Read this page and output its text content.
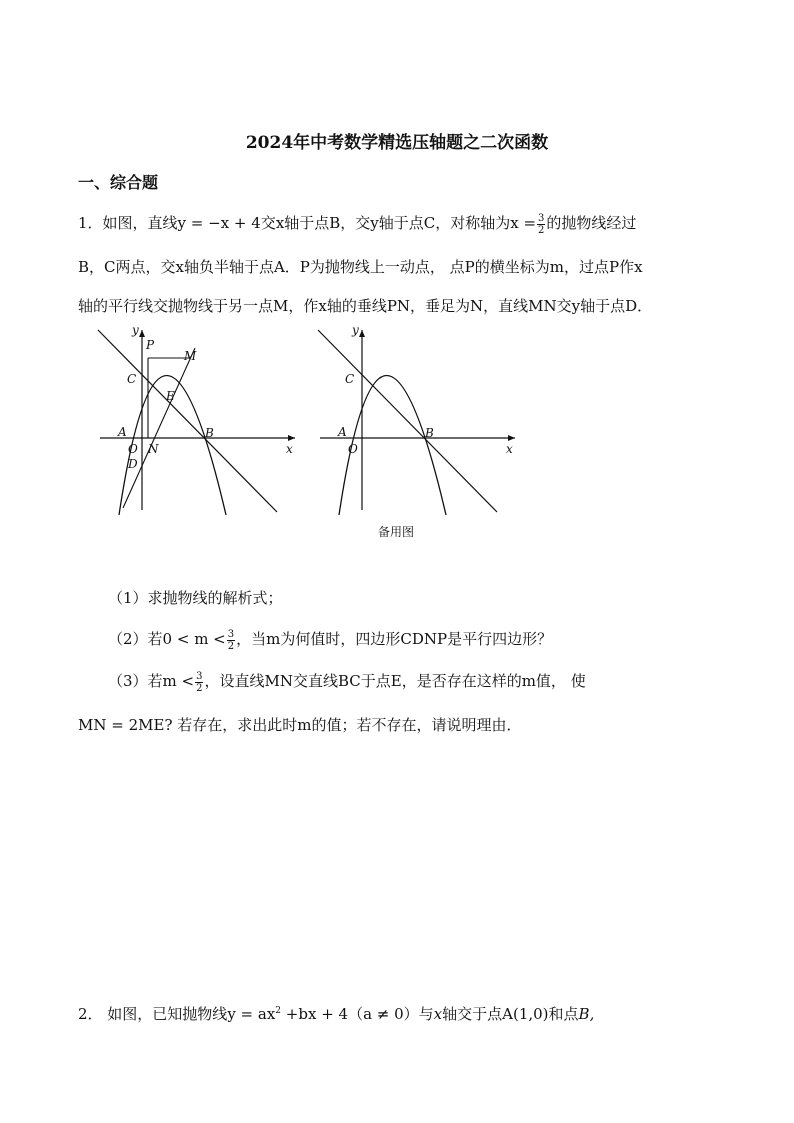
2024年中考数学精选压轴题之二次函数
一、综合题
1．如图，直线y = −x + 4交x轴于点B，交y轴于点C，对称轴为$x = \frac{3}{2}$ 的抛物线经过
B，C两点，交x轴负半轴于点A．P为抛物线上一动点， 点P的横坐标为m，过点P作x
轴的平行线交抛物线于另一点M，作x轴的垂线PN，垂足为N，直线MN交y轴于点D．
y
P
M
C
E
A
O N
B
D
x
y
C
A
O
B
x
备用图
（1）求抛物线的解析式；
（2）若$0 < m < \frac{3}{2}$ ，当m为何值时，四边形CDNP是平行四边形？
（3）若$m < \frac{3}{2}$ ，设直线MN交直线BC于点E，是否存在这样的m值， 使
MN = 2ME? 若存在，求出此时m的值；若不存在，请说明理由．
2． 如图，已知抛物线$y = ax^2 +bx + 4(a \ne 0)$与x轴交于点A(1,0)和点B,
